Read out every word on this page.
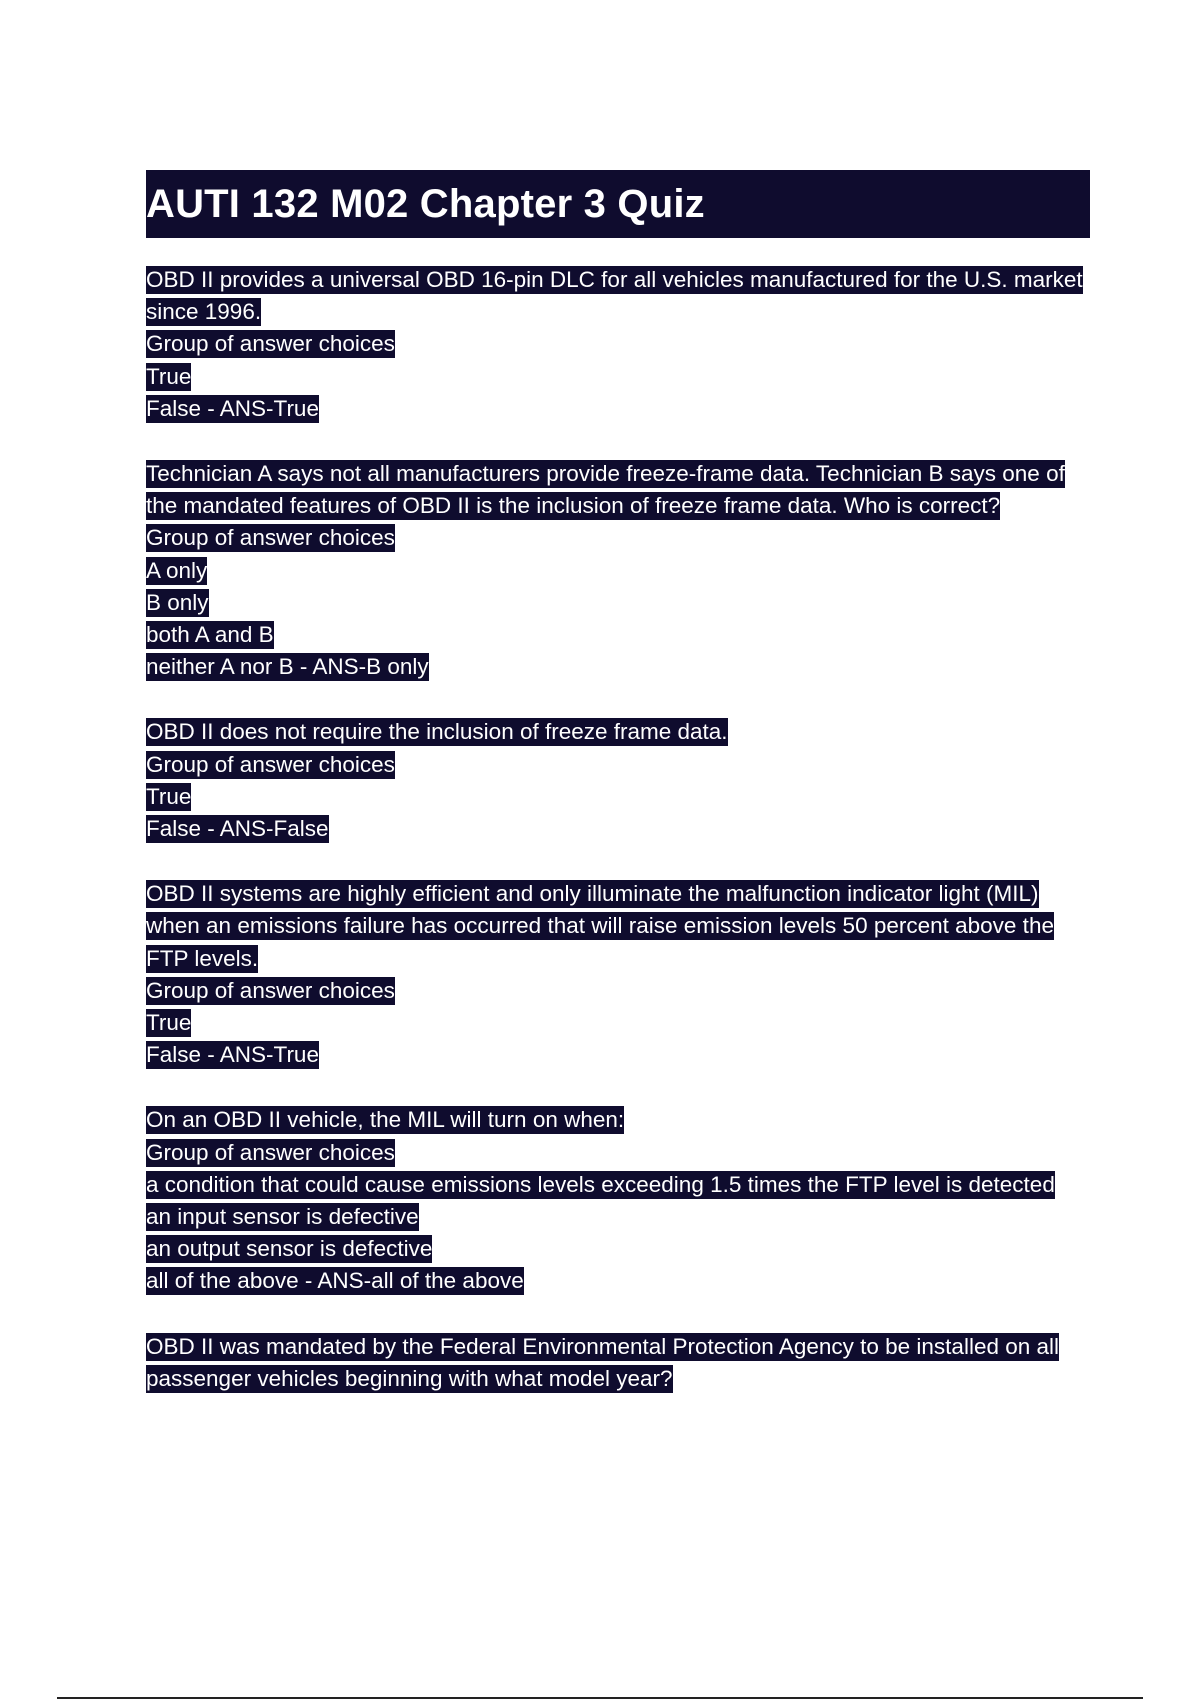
AUTI 132 M02 Chapter 3 Quiz
OBD II provides a universal OBD 16-pin DLC for all vehicles manufactured for the U.S. market since 1996.
Group of answer choices
True
False - ANS-True
Technician A says not all manufacturers provide freeze-frame data. Technician B says one of the mandated features of OBD II is the inclusion of freeze frame data. Who is correct?
Group of answer choices
A only
B only
both A and B
neither A nor B - ANS-B only
OBD II does not require the inclusion of freeze frame data.
Group of answer choices
True
False - ANS-False
OBD II systems are highly efficient and only illuminate the malfunction indicator light (MIL) when an emissions failure has occurred that will raise emission levels 50 percent above the FTP levels.
Group of answer choices
True
False - ANS-True
On an OBD II vehicle, the MIL will turn on when:
Group of answer choices
a condition that could cause emissions levels exceeding 1.5 times the FTP level is detected
an input sensor is defective
an output sensor is defective
all of the above - ANS-all of the above
OBD II was mandated by the Federal Environmental Protection Agency to be installed on all passenger vehicles beginning with what model year?
